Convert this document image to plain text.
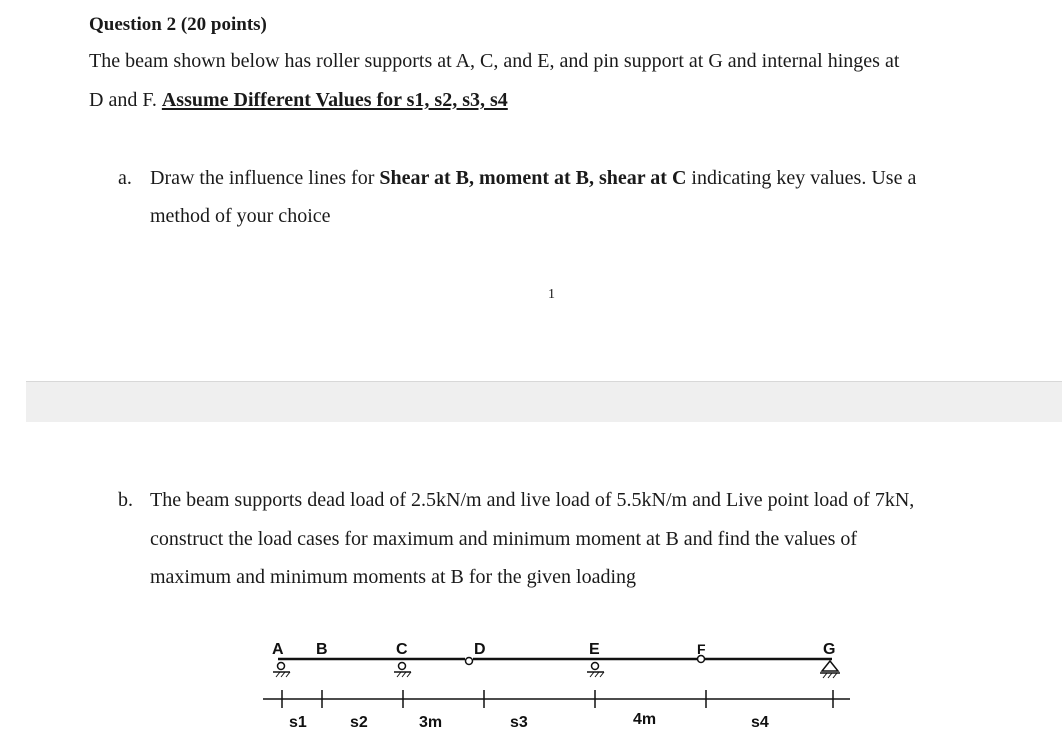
Question 2 (20 points)
The beam shown below has roller supports at A, C, and E, and pin support at G and internal hinges at
D and F. Assume Different Values for s1, s2, s3, s4
a. Draw the influence lines for Shear at B, moment at B, shear at C indicating key values. Use a
method of your choice
1
b. The beam supports dead load of 2.5kN/m and live load of 5.5kN/m and Live point load of 7kN,
construct the load cases for maximum and minimum moment at B and find the values of
maximum and minimum moments at B for the given loading
A B	C	D	E	F	G
s1	s2	3m	s3	4m	s4
